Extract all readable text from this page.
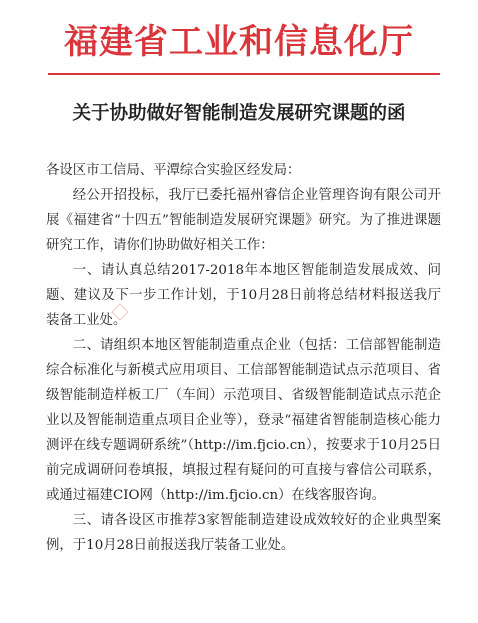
福建省工业和信息化厅
关于协助做好智能制造发展研究课题的函

各设区市工信局、平潭综合实验区经发局：

经公开招投标，我厅已委托福州睿信企业管理咨询有限公司开展《福建省“十四五”智能制造发展研究课题》研究。为了推进课题研究工作，请你们协助做好相关工作：

一、请认真总结2017-2018年本地区智能制造发展成效、问题、建议及下一步工作计划，于10月28日前将总结材料报送我厅装备工业处。

二、请组织本地区智能制造重点企业（包括：工信部智能制造综合标准化与新模式应用项目、工信部智能制造试点示范项目、省级智能制造样板工厂（车间）示范项目、省级智能制造试点示范企业以及智能制造重点项目企业等），登录“福建省智能制造核心能力测评在线专题调研系统”（http://im.fjcio.cn），按要求于10月25日前完成调研问卷填报，填报过程有疑问的可直接与睿信公司联系，或通过福建CIO网（http://im.fjcio.cn）在线客服咨询。

三、请各设区市推荐3家智能制造建设成效较好的企业典型案例，于10月28日前报送我厅装备工业处。
